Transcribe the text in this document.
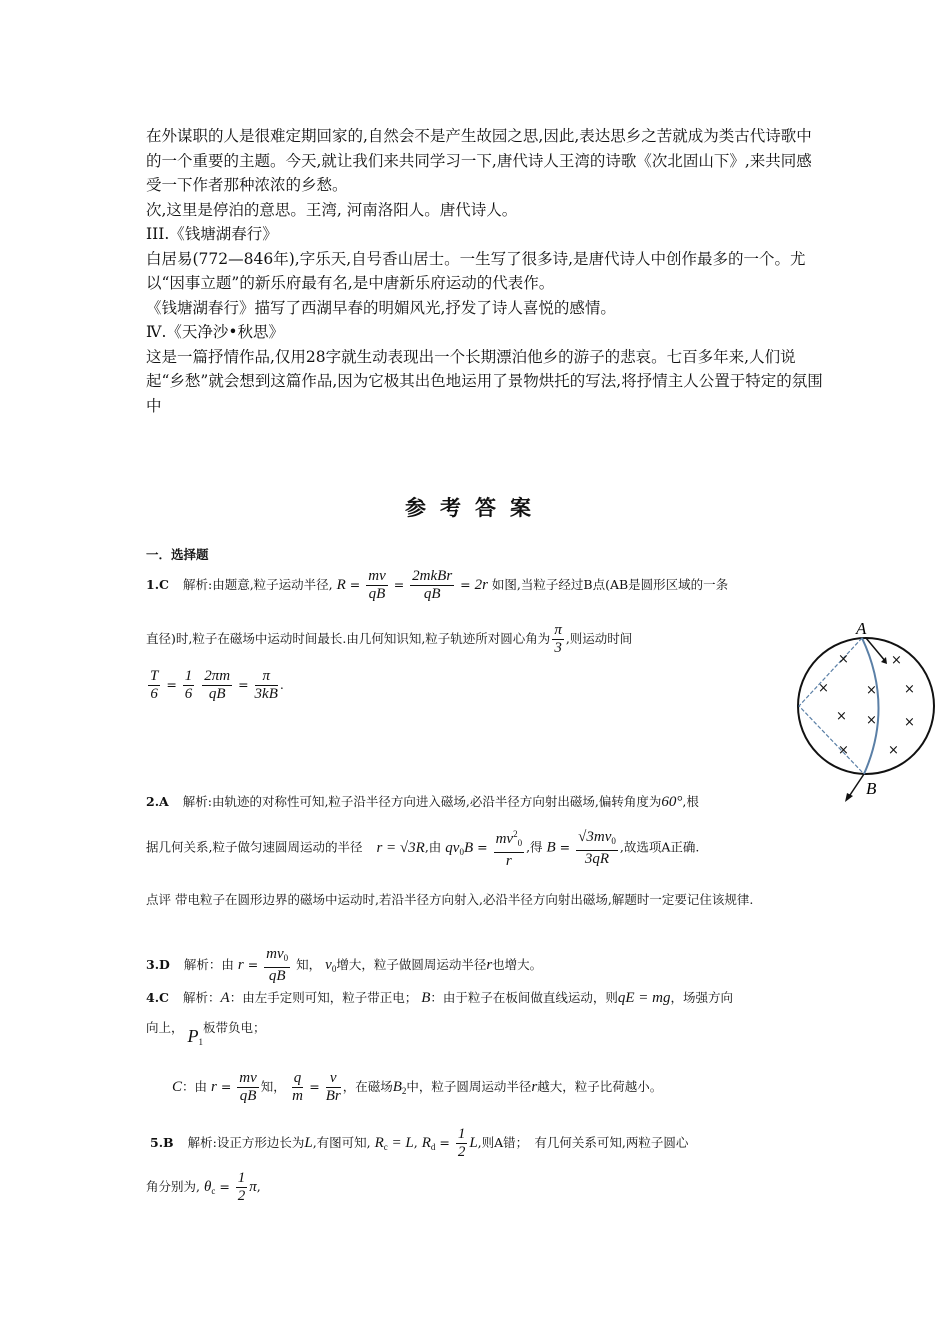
在外谋职的人是很难定期回家的,自然会不是产生故园之思,因此,表达思乡之苦就成为类古代诗歌中的一个重要的主题。今天,就让我们来共同学习一下,唐代诗人王湾的诗歌《次北固山下》,来共同感受一下作者那种浓浓的乡愁。

次,这里是停泊的意思。王湾, 河南洛阳人。唐代诗人。

III.《钱塘湖春行》

白居易(772—846年),字乐天,自号香山居士。一生写了很多诗,是唐代诗人中创作最多的一个。尤以“因事立题”的新乐府最有名,是中唐新乐府运动的代表作。

《钱塘湖春行》描写了西湖早春的明媚风光,抒发了诗人喜悦的感情。

Ⅳ.《天净沙•秋思》

这是一篇抒情作品,仅用28字就生动表现出一个长期漂泊他乡的游子的悲哀。七百多年来,人们说起“乡愁”就会想到这篇作品,因为它极其出色地运用了景物烘托的写法,将抒情主人公置于特定的氛围中

参考答案
一．选择题
1.C 解析:由题意,粒子运动半径, $R = \frac{mv}{qB} = \frac{\text{2mkBr}}{qB} = 2r$ 如图,当粒子经过B点(AB是圆形区域的一条
直径)时,粒子在磁场中运动时间最长.由几何知识知,粒子轨迹所对圆心角为 $\frac{\pi}{3}$ ,则运动时间
$\frac{T}{6} = \frac{1}{6}$
$\frac{2\pi m}{qB} = \frac{\pi}{3kB}$ .
×	×
×	× ×
× × ×
×	×
A
B
2.A 解析:由轨迹的对称性可知,粒子沿半径方向进入磁场,必沿半径方向射出磁场,偏转角度为60°,根
据几何关系,粒子做匀速圆周运动的半径 r = √3R,由 $qv_0B = \frac{mv^2_0}{r}$ ,得 $B = \frac{√3mv_0}{3qR}$ ,故选项A正确.
点评 带电粒子在圆形边界的磁场中运动时,若沿半径方向射入,必沿半径方向射出磁场,解题时一定要记住该规律.
3.D 解析：由 $r = \frac{mv_0}{qB}$ 知， $v_0$增大，粒子做圆周运动半径r也增大。
4.C 解析：A：由左手定则可知，粒子带正电； B：由于粒子在板间做直线运动，则qE = mg，场强方向
向上， $P_1$板带负电；
C：由 $r = \frac{mv}{qB}$ 知， $\frac{q}{m} = \frac{v}{Br}$ ，在磁场$B_2$中，粒子圆周运动半径r越大，粒子比荷越小。
5.B 解析:设正方形边长为L,有图可知, $R_c = L$, $R_d = \frac{1}{2} L$,则A错；　有几何关系可知,两粒子圆心
角分别为, $\theta_c = \frac{1}{2} \pi$,
